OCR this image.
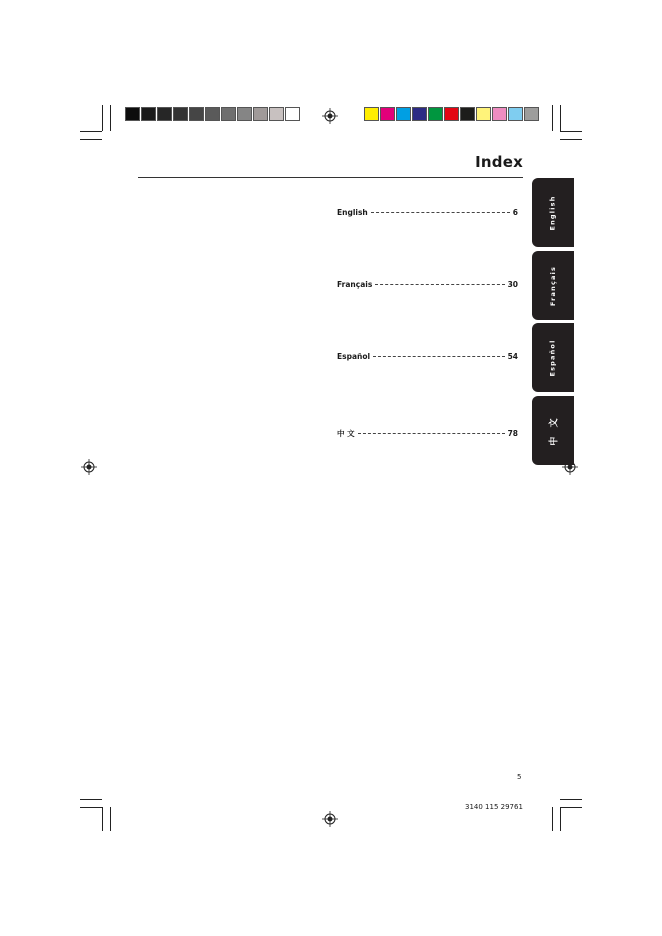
Index
English	6
Français	30
Español	54
中 文	78
English
Français
Español
中 文
5
3140 115 29761
